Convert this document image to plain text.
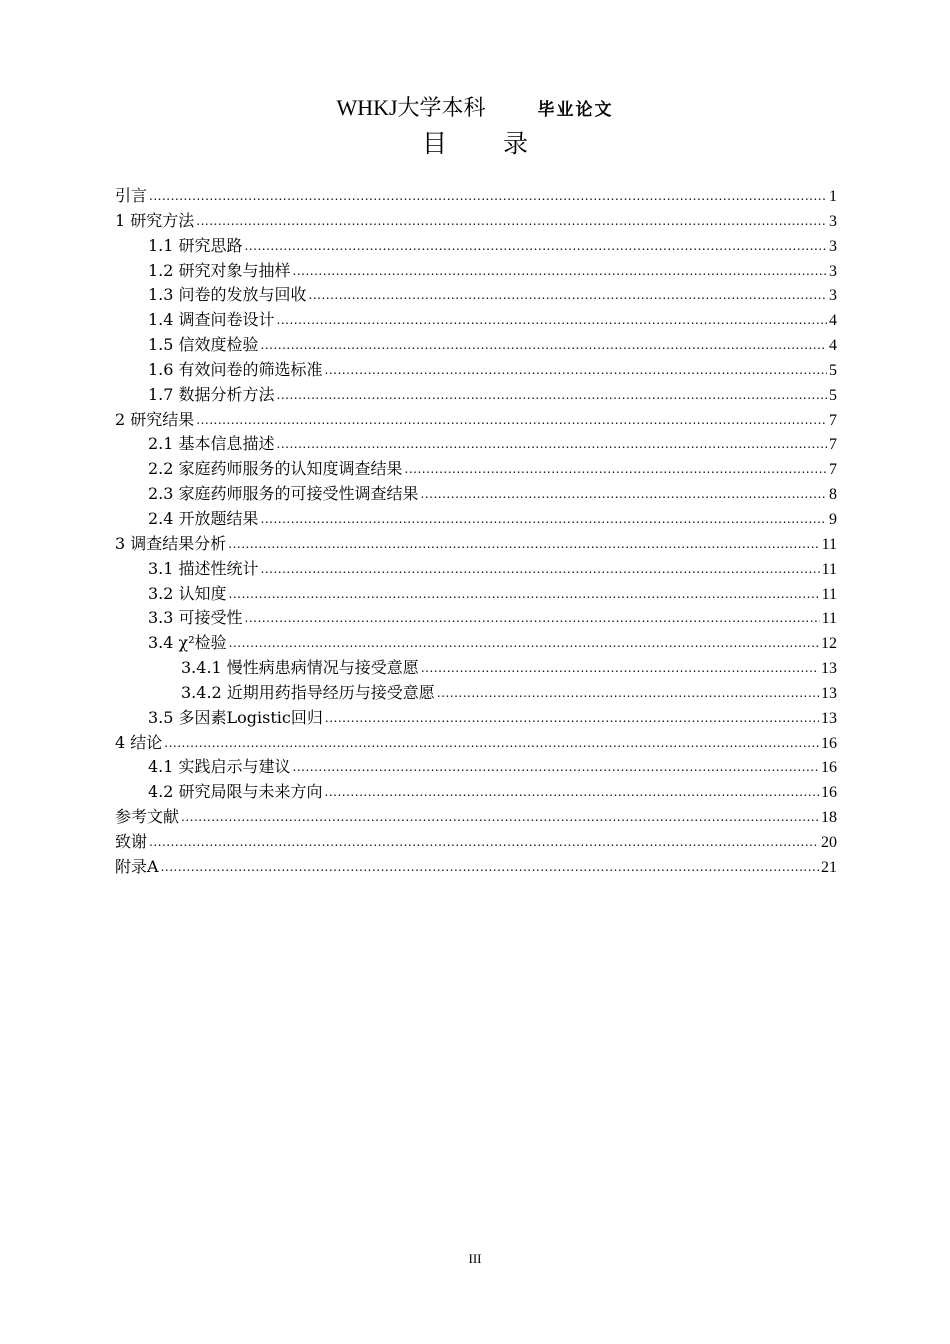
WHKJ大学本科	毕业论文
目 录
引言 .....	1
1 研究方法 .....	3
1.1 研究思路 .....	3
1.2 研究对象与抽样 .....	3
1.3 问卷的发放与回收 .....	3
1.4 调查问卷设计 .....	4
1.5 信效度检验 .....	4
1.6 有效问卷的筛选标准 .....	5
1.7 数据分析方法 .....	5
2 研究结果 .....	7
2.1 基本信息描述 .....	7
2.2 家庭药师服务的认知度调查结果 .....	7
2.3 家庭药师服务的可接受性调查结果 .....	8
2.4 开放题结果 .....	9
3 调查结果分析 .....	11
3.1 描述性统计 .....	11
3.2 认知度 .....	11
3.3 可接受性 .....	11
3.4 χ²检验 .....	12
3.4.1 慢性病患病情况与接受意愿 .....	13
3.4.2 近期用药指导经历与接受意愿 .....	13
3.5 多因素Logistic回归 .....	13
4 结论 .....	16
4.1 实践启示与建议 .....	16
4.2 研究局限与未来方向 .....	16
参考文献 .....	18
致谢 .....	20
附录A .....	21
III
